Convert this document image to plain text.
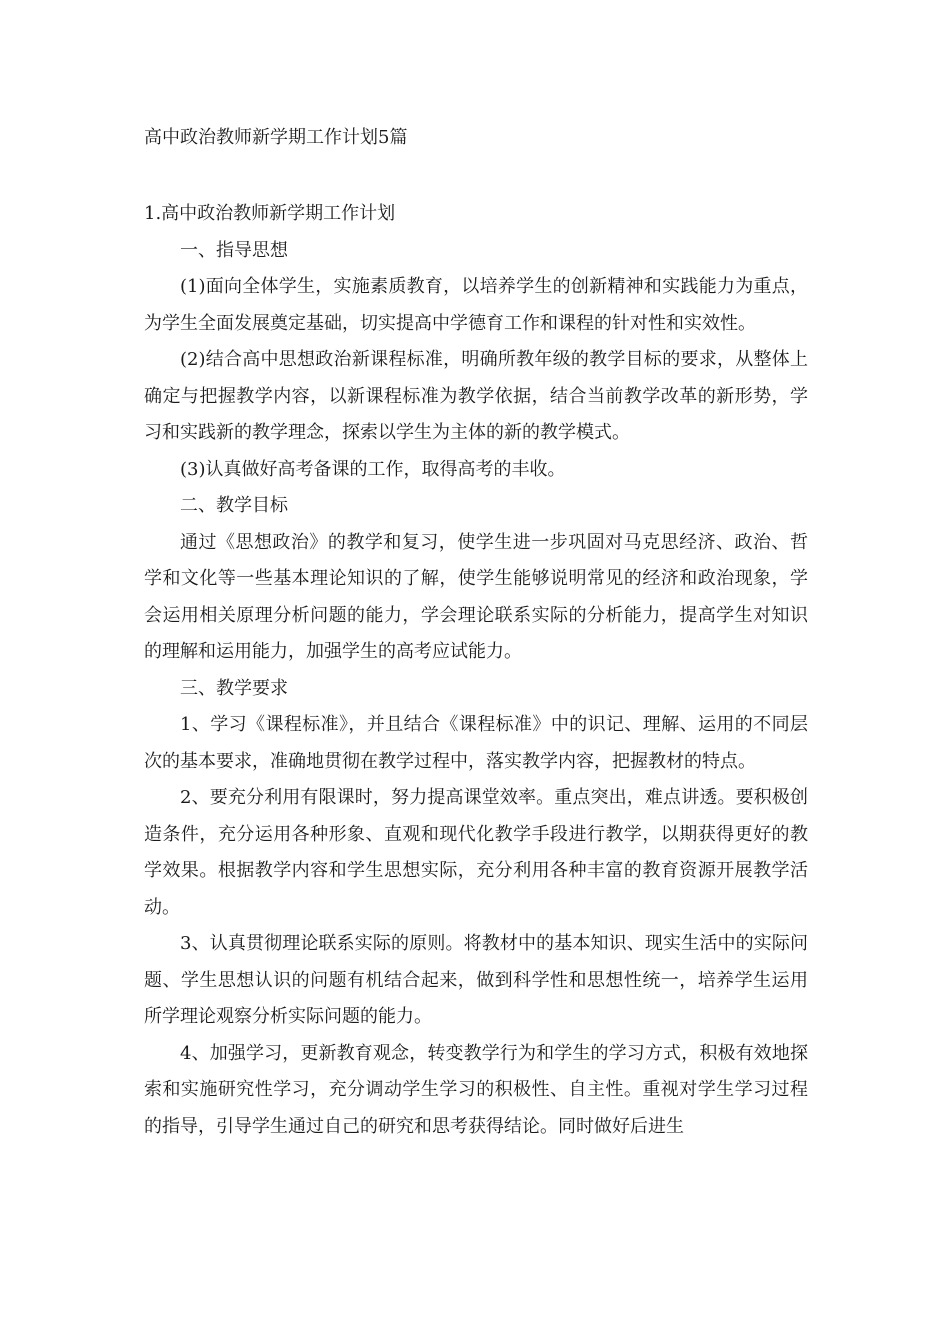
高中政治教师新学期工作计划5篇

1.高中政治教师新学期工作计划

一、指导思想

(1)面向全体学生，实施素质教育，以培养学生的创新精神和实践能力为重点，为学生全面发展奠定基础，切实提高中学德育工作和课程的针对性和实效性。

(2)结合高中思想政治新课程标准，明确所教年级的教学目标的要求，从整体上确定与把握教学内容，以新课程标准为教学依据，结合当前教学改革的新形势，学习和实践新的教学理念，探索以学生为主体的新的教学模式。

(3)认真做好高考备课的工作，取得高考的丰收。

二、教学目标

通过《思想政治》的教学和复习，使学生进一步巩固对马克思经济、政治、哲学和文化等一些基本理论知识的了解，使学生能够说明常见的经济和政治现象，学会运用相关原理分析问题的能力，学会理论联系实际的分析能力，提高学生对知识的理解和运用能力，加强学生的高考应试能力。

三、教学要求

1、学习《课程标准》，并且结合《课程标准》中的识记、理解、运用的不同层次的基本要求，准确地贯彻在教学过程中，落实教学内容，把握教材的特点。

2、要充分利用有限课时，努力提高课堂效率。重点突出，难点讲透。要积极创造条件，充分运用各种形象、直观和现代化教学手段进行教学，以期获得更好的教学效果。根据教学内容和学生思想实际，充分利用各种丰富的教育资源开展教学活动。

3、认真贯彻理论联系实际的原则。将教材中的基本知识、现实生活中的实际问题、学生思想认识的问题有机结合起来，做到科学性和思想性统一，培养学生运用所学理论观察分析实际问题的能力。

4、加强学习，更新教育观念，转变教学行为和学生的学习方式，积极有效地探索和实施研究性学习，充分调动学生学习的积极性、自主性。重视对学生学习过程的指导，引导学生通过自己的研究和思考获得结论。同时做好后进生
